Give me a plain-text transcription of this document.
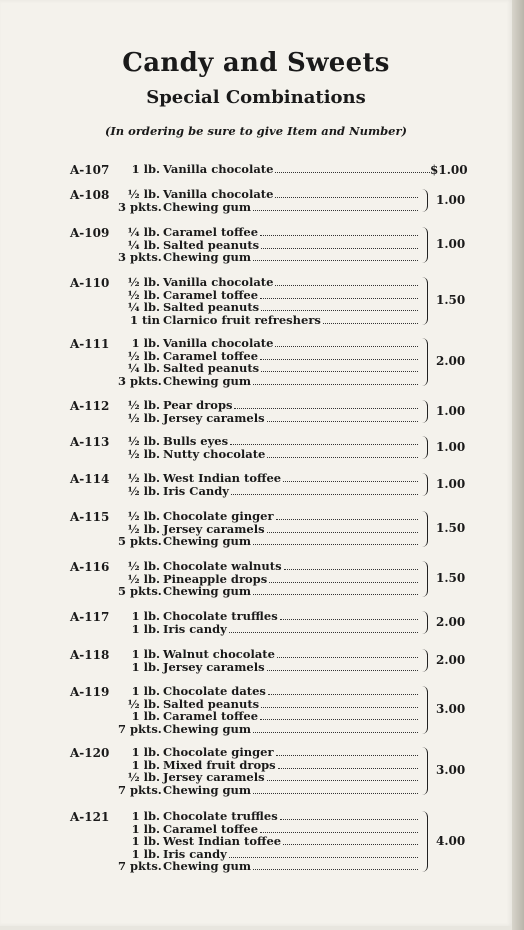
Candy and Sweets
Special Combinations
(In ordering be sure to give Item and Number)
A-107	1 lb. Vanilla chocolate	$1.00
A-108	½ lb. Vanilla chocolate
3 pkts. Chewing gum	1.00
A-109	¼ lb. Caramel toffee
¼ lb. Salted peanuts
3 pkts. Chewing gum
1.00
A-110	½ lb. Vanilla chocolate
½ lb. Caramel toffee
¼ lb. Salted peanuts
1 tin Clarnico fruit refreshers
1.50
A-111	1 lb. Vanilla chocolate
½ lb. Caramel toffee
¼ lb. Salted peanuts
3 pkts. Chewing gum
2.00
A-112	½ lb. Pear drops
½ lb. Jersey caramels	1.00
A-113	½ lb. Bulls eyes
½ lb. Nutty chocolate	1.00
A-114	½ lb. West Indian toffee
½ lb. Iris Candy	1.00
A-115	½ lb. Chocolate ginger
½ lb. Jersey caramels
5 pkts. Chewing gum
1.50
A-116	½ lb. Chocolate walnuts
½ lb. Pineapple drops
5 pkts. Chewing gum
1.50
A-117	1 lb. Chocolate truffles
1 lb. Iris candy	2.00
A-118	1 lb. Walnut chocolate
1 lb. Jersey caramels	2.00
A-119	1 lb. Chocolate dates
½ lb. Salted peanuts
1 lb. Caramel toffee
7 pkts. Chewing gum
3.00
A-120	1 lb. Chocolate ginger
1 lb. Mixed fruit drops
½ lb. Jersey caramels
7 pkts. Chewing gum
3.00
A-121	1 lb. Chocolate truffles
1 lb. Caramel toffee
1 lb. West Indian toffee
1 lb. Iris candy
7 pkts. Chewing gum
4.00
